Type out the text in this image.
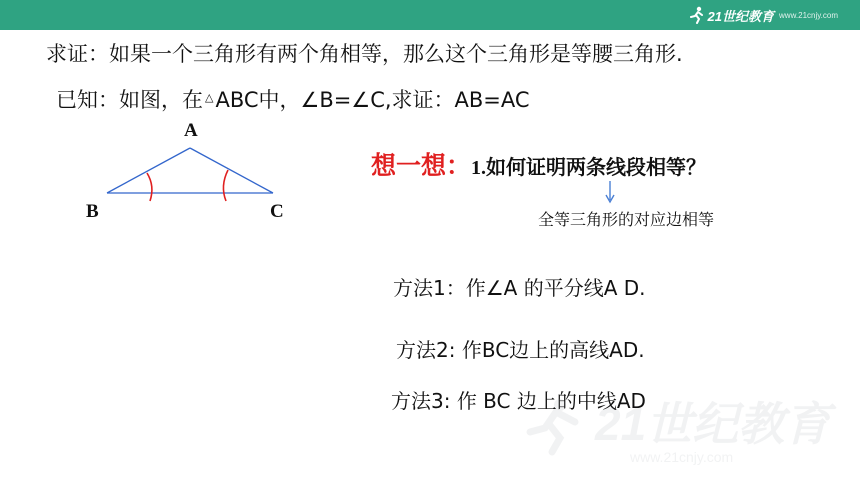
21世纪教育 www.21cnjy.com
求证：如果一个三角形有两个角相等，那么这个三角形是等腰三角形.
已知：如图，在 △ABC中，∠B=∠C,求证：AB=AC
A
B	C
想一想：1.如何证明两条线段相等？
全等三角形的对应边相等
方法1：作∠A 的平分线A D.
方法2: 作BC边上的高线AD.
方法3: 作 BC 边上的中线AD
21世纪教育
www.21cnjy.com
